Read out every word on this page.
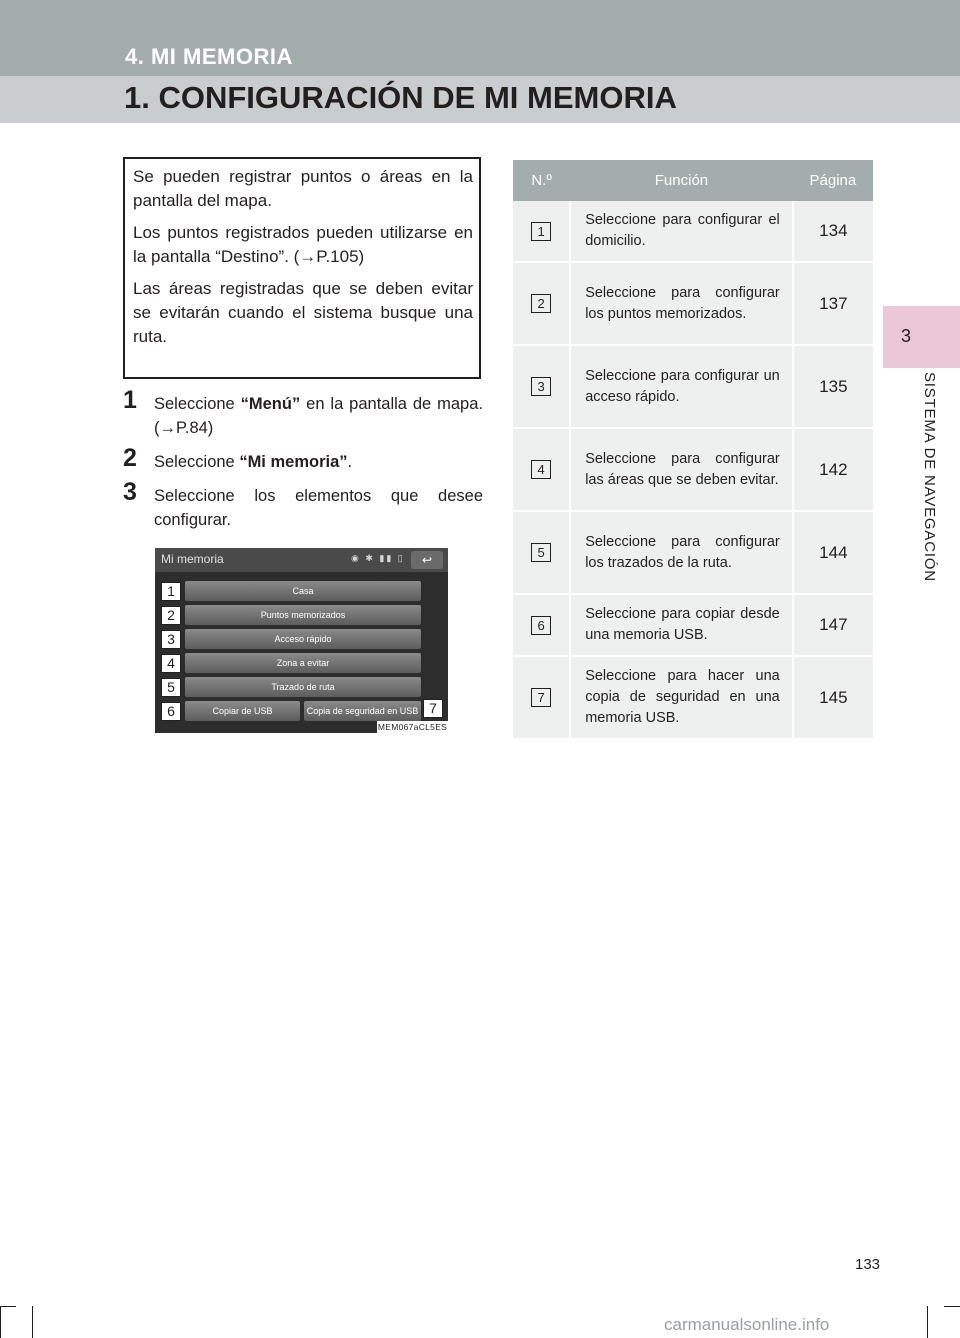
4. MI MEMORIA
1. CONFIGURACIÓN DE MI MEMORIA
3
SISTEMA DE NAVEGACIÓN

Se pueden registrar puntos o áreas en la pantalla del mapa.

Los puntos registrados pueden utilizarse en la pantalla “Destino”. (→P.105)

Las áreas registradas que se deben evitar se evitarán cuando el sistema busque una ruta.

1 Seleccione “Menú” en la pantalla de mapa. (→P.84)
2 Seleccione “Mi memoria”.
3 Seleccione los elementos que desee configurar.
Mi memoria	◉ ✱ ▮▮ ▯	↩
Casa
Puntos memorizados
Acceso rápido
Zona a evitar
Trazado de ruta
Copiar de USB	Copia de seguridad en USB
1
2
3
4
5
6	7
MEM067aCL5ES
N.º	Función	Página
1	Seleccione para configurar el domicilio.	134
2	Seleccione para configurar los puntos memorizados.	137
3	Seleccione para configurar un acceso rápido.	135
4	Seleccione para configurar las áreas que se deben evitar.	142
5	Seleccione para configurar los trazados de la ruta.	144
6	Seleccione para copiar desde una memoria USB.	147
7	Seleccione para hacer una copia de seguridad en una memoria USB.	145
133
carmanualsonline.info
